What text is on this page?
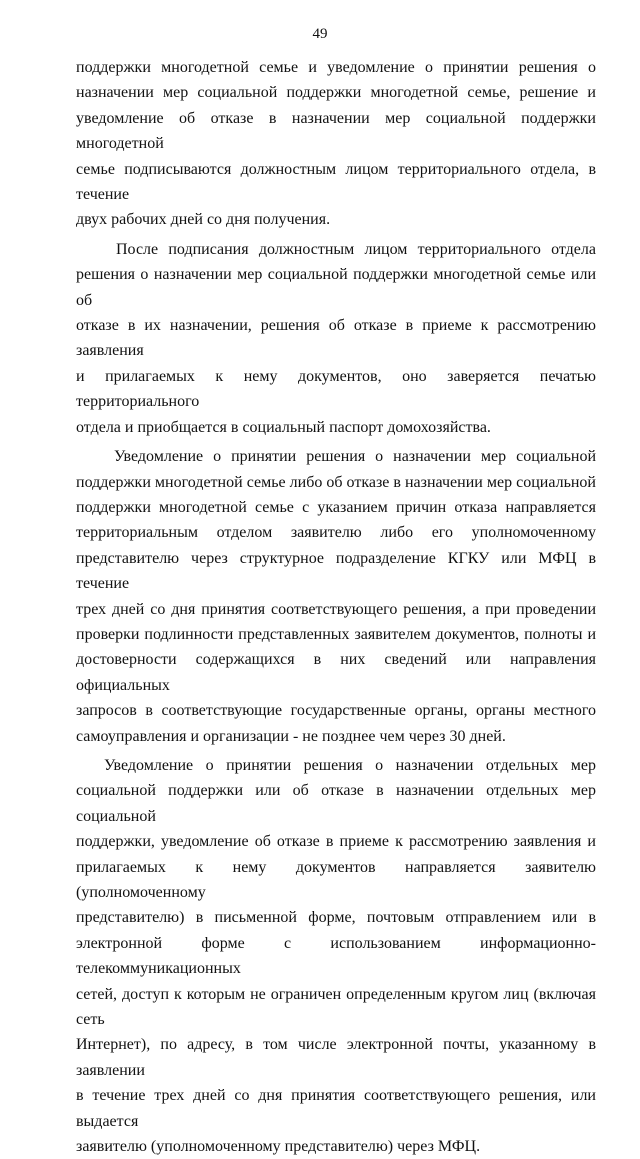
49

поддержки многодетной семье и уведомление о принятии решения о

назначении мер социальной поддержки многодетной семье, решение и

уведомление об отказе в назначении мер социальной поддержки многодетной

семье подписываются должностным лицом территориального отдела, в течение

двух рабочих дней со дня получения.

После подписания должностным лицом территориального отдела

решения о назначении мер социальной поддержки многодетной семье или об

отказе в их назначении, решения об отказе в приеме к рассмотрению заявления

и прилагаемых к нему документов, оно заверяется печатью территориального

отдела и приобщается в социальный паспорт домохозяйства.

Уведомление о принятии решения о назначении мер социальной

поддержки многодетной семье либо об отказе в назначении мер социальной

поддержки многодетной семье с указанием причин отказа направляется

территориальным отделом заявителю либо его уполномоченному

представителю через структурное подразделение КГКУ или МФЦ в течение

трех дней со дня принятия соответствующего решения, а при проведении

проверки подлинности представленных заявителем документов, полноты и

достоверности содержащихся в них сведений или направления официальных

запросов в соответствующие государственные органы, органы местного

самоуправления и организации - не позднее чем через 30 дней.

Уведомление о принятии решения о назначении отдельных мер

социальной поддержки или об отказе в назначении отдельных мер социальной

поддержки, уведомление об отказе в приеме к рассмотрению заявления и

прилагаемых к нему документов направляется заявителю (уполномоченному

представителю) в письменной форме, почтовым отправлением или в

электронной форме с использованием информационно-телекоммуникационных

сетей, доступ к которым не ограничен определенным кругом лиц (включая сеть

Интернет), по адресу, в том числе электронной почты, указанному в заявлении

в течение трех дней со дня принятия соответствующего решения, или выдается

заявителю (уполномоченному представителю) через МФЦ.
